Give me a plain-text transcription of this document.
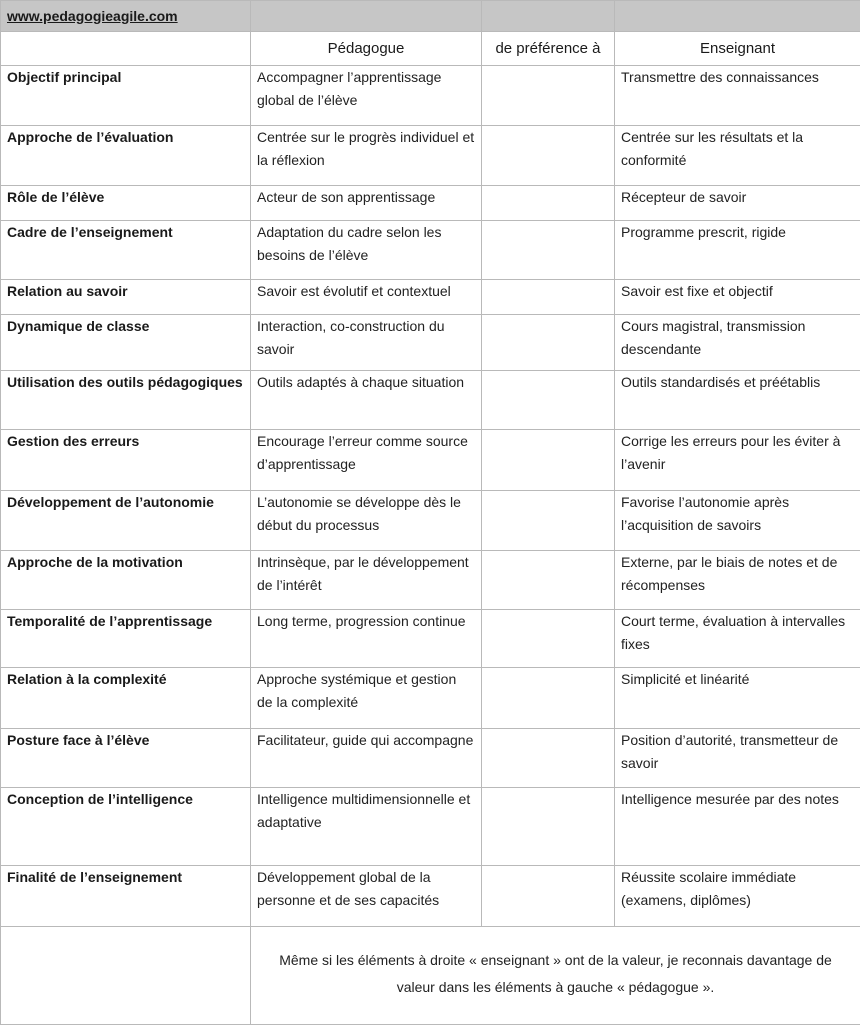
www.pedagogieagile.com			
	Pédagogue	de préférence à	Enseignant
Objectif principal	Accompagner l’apprentissage global de l’élève		Transmettre des connaissances
Approche de l’évaluation	Centrée sur le progrès individuel et la réflexion		Centrée sur les résultats et la conformité
Rôle de l’élève	Acteur de son apprentissage		Récepteur de savoir
Cadre de l’enseignement	Adaptation du cadre selon les besoins de l’élève		Programme prescrit, rigide
Relation au savoir	Savoir est évolutif et contextuel		Savoir est fixe et objectif
Dynamique de classe	Interaction, co-construction du savoir		Cours magistral, transmission descendante
Utilisation des outils pédagogiques	Outils adaptés à chaque situation		Outils standardisés et préétablis
Gestion des erreurs	Encourage l’erreur comme source d’apprentissage		Corrige les erreurs pour les éviter à l’avenir
Développement de l’autonomie	L’autonomie se développe dès le début du processus		Favorise l’autonomie après l’acquisition de savoirs
Approche de la motivation	Intrinsèque, par le développement de l’intérêt		Externe, par le biais de notes et de récompenses
Temporalité de l’apprentissage	Long terme, progression continue		Court terme, évaluation à intervalles fixes
Relation à la complexité	Approche systémique et gestion de la complexité		Simplicité et linéarité
Posture face à l’élève	Facilitateur, guide qui accompagne		Position d’autorité, transmetteur de savoir
Conception de l’intelligence	Intelligence multidimensionnelle et adaptative		Intelligence mesurée par des notes
Finalité de l’enseignement	Développement global de la personne et de ses capacités		Réussite scolaire immédiate (examens, diplômes)

	Même si les éléments à droite « enseignant » ont de la valeur, je reconnais davantage de valeur dans les éléments à gauche « pédagogue ».		
